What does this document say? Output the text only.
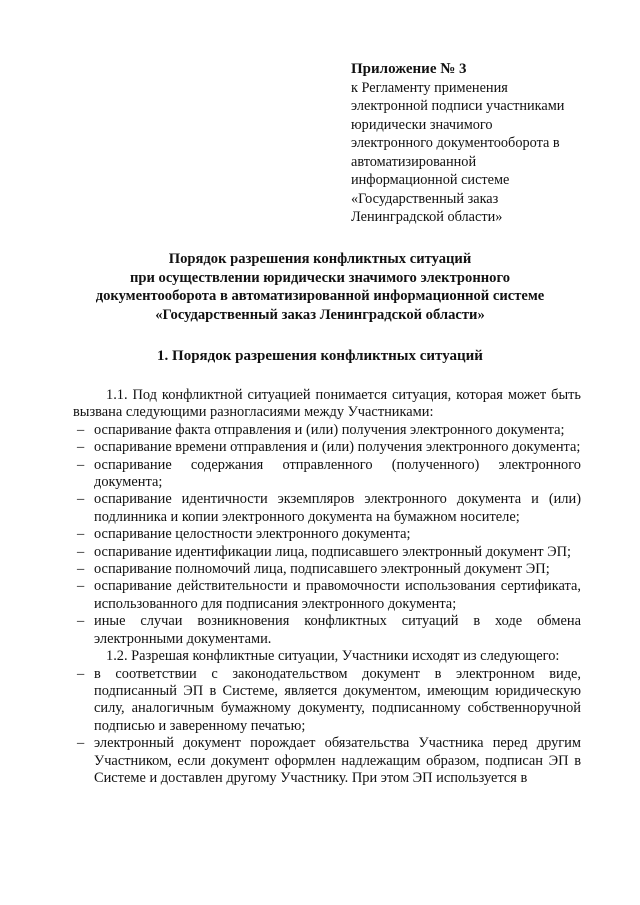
Приложение № 3
к Регламенту применения
электронной подписи участниками
юридически значимого
электронного документооборота в
автоматизированной
информационной системе
«Государственный заказ
Ленинградской области»
Порядок разрешения конфликтных ситуаций
при осуществлении юридически значимого электронного
документооборота в автоматизированной информационной системе
«Государственный заказ Ленинградской области»
1. Порядок разрешения конфликтных ситуаций

1.1. Под конфликтной ситуацией понимается ситуация, которая может быть вызвана следующими разногласиями между Участниками:

– оспаривание факта отправления и (или) получения электронного документа;
– оспаривание времени отправления и (или) получения электронного документа;
– оспаривание содержания отправленного (полученного) электронного документа;
– оспаривание идентичности экземпляров электронного документа и (или) подлинника и копии электронного документа на бумажном носителе;
– оспаривание целостности электронного документа;
– оспаривание идентификации лица, подписавшего электронный документ ЭП;
– оспаривание полномочий лица, подписавшего электронный документ ЭП;
– оспаривание действительности и правомочности использования сертификата, использованного для подписания электронного документа;
– иные случаи возникновения конфликтных ситуаций в ходе обмена электронными документами.

1.2. Разрешая конфликтные ситуации, Участники исходят из следующего:

– в соответствии с законодательством документ в электронном виде, подписанный ЭП в Системе, является документом, имеющим юридическую силу, аналогичным бумажному документу, подписанному собственноручной подписью и заверенному печатью;
– электронный документ порождает обязательства Участника перед другим Участником, если документ оформлен надлежащим образом, подписан ЭП в Системе и доставлен другому Участнику. При этом ЭП используется в
